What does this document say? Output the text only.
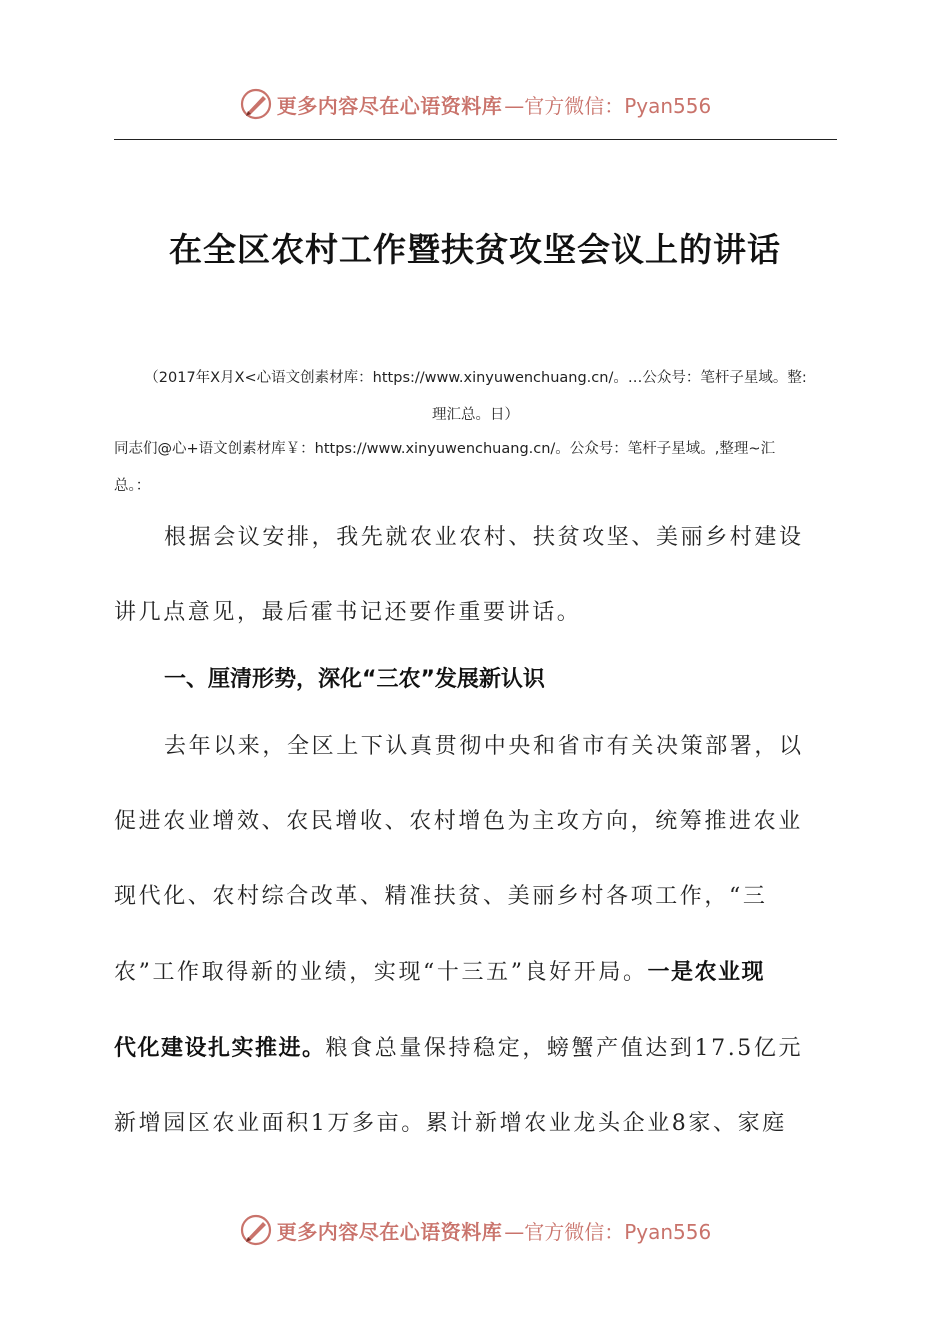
更多内容尽在心语资料库 —官方微信：Pyan556
在全区农村工作暨扶贫攻坚会议上的讲话
（2017年X月X<心语文创素材库：https://www.xinyuwenchuang.cn/。…公众号：笔杆子星域。整:
理汇总。日）
同志们@心+语文创素材库￥：https://www.xinyuwenchuang.cn/。公众号：笔杆子星域。,整理~汇
总。：
根据会议安排，我先就农业农村、扶贫攻坚、美丽乡村建设
讲几点意见，最后霍书记还要作重要讲话。
一、厘清形势，深化“三农”发展新认识
去年以来，全区上下认真贯彻中央和省市有关决策部署，以
促进农业增效、农民增收、农村增色为主攻方向，统筹推进农业
现代化、农村综合改革、精准扶贫、美丽乡村各项工作，“三
农”工作取得新的业绩，实现“十三五”良好开局。一是农业现
代化建设扎实推进。粮食总量保持稳定，螃蟹产值达到17.5亿元
新增园区农业面积1万多亩。累计新增农业龙头企业8家、家庭
更多内容尽在心语资料库 —官方微信：Pyan556
